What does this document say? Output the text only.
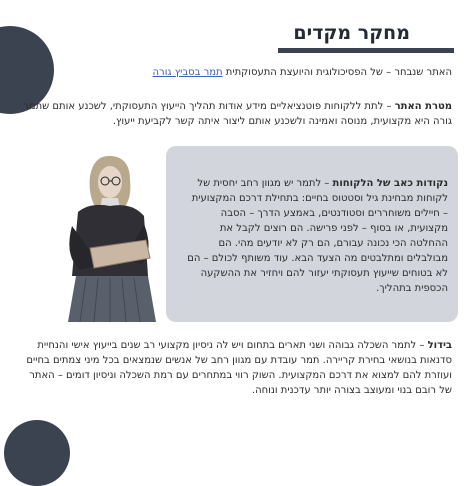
מחקר מקדים
האתר שנבחר – של הפסיכולוגית והיועצת התעסוקתית תמר בסביץ גורה
מטרת האתר – לתת ללקוחות פוטנציאליים מידע אודות תהליך הייעוץ התעסוקתי, לשכנע אותם שתמר גורה היא מקצועית, מנוסה ואמינה ולשכנע אותם ליצור איתה קשר לקביעת ייעוץ.
נקודות כאב של הלקוחות – לתמר יש מגוון רחב יחסית של לקוחות מבחינת גיל וסטטוס בחיים: בתחילת דרכם המקצועית – חיילים משוחררים וסטודנטים, באמצע הדרך – הסבה מקצועית, או בסוף – לפני פרישה. הם רוצים לקבל את ההחלטה הכי נכונה עבורם, הם רק לא יודעים מהי. הם מבולבלים ומתלבטים מה הצעד הבא. עוד משותף לכולם – הם לא בטוחים שייעוץ תעסוקתי יעזור להם ויחזיר את ההשקעה הכספית בתהליך.
בידול – לתמר השכלה גבוהה ושני תארים בתחום ויש לה ניסיון מקצועי רב שנים בייעוץ אישי והנחיית סדנאות בנושאי בחירת קריירה. תמר עובדת עם מגוון רחב של אנשים שנמצאים בכל מיני צמתים בחיים ועוזרת להם למצוא את דרכם המקצועית. השוק רווי במתחרים עם רמת השכלה וניסיון דומים – האתר של רובם בנוי ומעוצב בצורה יותר עדכנית ונוחה.
